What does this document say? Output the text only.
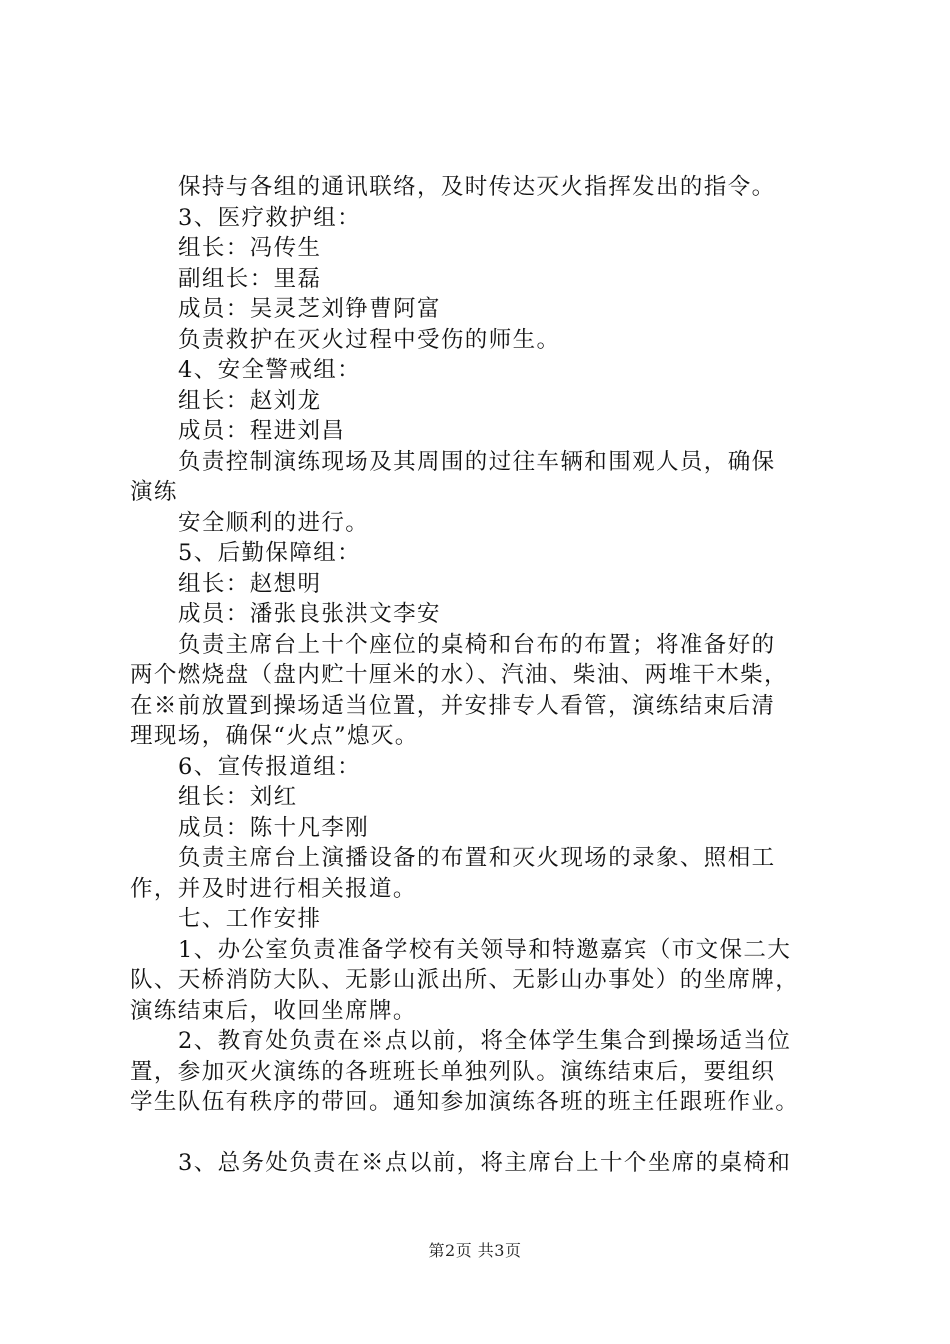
保持与各组的通讯联络，及时传达灭火指挥发出的指令。
3、医疗救护组：
组长：冯传生
副组长：里磊
成员：吴灵芝刘铮曹阿富
负责救护在灭火过程中受伤的师生。
4、安全警戒组：
组长：赵刘龙
成员：程进刘昌
负责控制演练现场及其周围的过往车辆和围观人员，确保
演练
安全顺利的进行。
5、后勤保障组：
组长：赵想明
成员：潘张良张洪文李安
负责主席台上十个座位的桌椅和台布的布置；将准备好的
两个燃烧盘（盘内贮十厘米的水）、汽油、柴油、两堆干木柴，
在※前放置到操场适当位置，并安排专人看管，演练结束后清
理现场，确保“火点”熄灭。
6、宣传报道组：
组长：刘红
成员：陈十凡李刚
负责主席台上演播设备的布置和灭火现场的录象、照相工
作，并及时进行相关报道。
七、工作安排
1、办公室负责准备学校有关领导和特邀嘉宾（市文保二大
队、天桥消防大队、无影山派出所、无影山办事处）的坐席牌，
演练结束后，收回坐席牌。
2、教育处负责在※点以前，将全体学生集合到操场适当位
置，参加灭火演练的各班班长单独列队。演练结束后，要组织
学生队伍有秩序的带回。通知参加演练各班的班主任跟班作业。
3、总务处负责在※点以前，将主席台上十个坐席的桌椅和
第2页 共3页
